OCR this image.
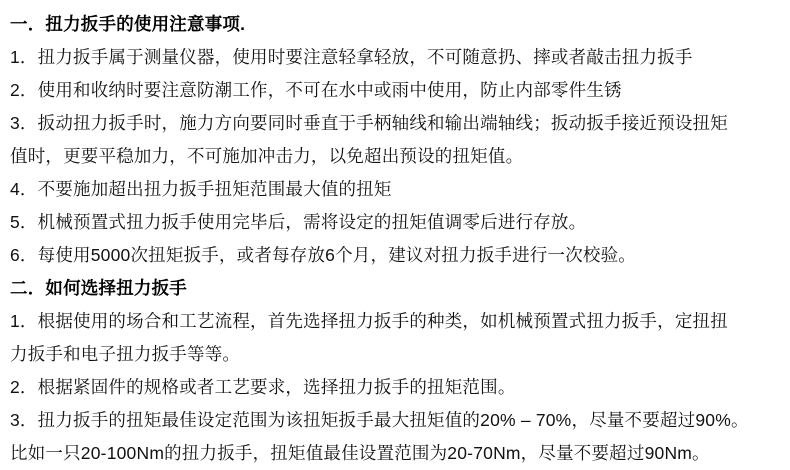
一．扭力扳手的使用注意事项.
1．扭力扳手属于测量仪器，使用时要注意轻拿轻放，不可随意扔、摔或者敲击扭力扳手
2．使用和收纳时要注意防潮工作，不可在水中或雨中使用，防止内部零件生锈
3．扳动扭力扳手时，施力方向要同时垂直于手柄轴线和输出端轴线；扳动扳手接近预设扭矩
值时，更要平稳加力，不可施加冲击力，以免超出预设的扭矩值。
4．不要施加超出扭力扳手扭矩范围最大值的扭矩
5．机械预置式扭力扳手使用完毕后，需将设定的扭矩值调零后进行存放。
6．每使用5000次扭矩扳手，或者每存放6个月，建议对扭力扳手进行一次校验。
二．如何选择扭力扳手
1．根据使用的场合和工艺流程，首先选择扭力扳手的种类，如机械预置式扭力扳手，定扭扭
力扳手和电子扭力扳手等等。
2．根据紧固件的规格或者工艺要求，选择扭力扳手的扭矩范围。
3．扭力扳手的扭矩最佳设定范围为该扭矩扳手最大扭矩值的20% – 70%，尽量不要超过90%。
比如一只20-100Nm的扭力扳手，扭矩值最佳设置范围为20-70Nm，尽量不要超过90Nm。
